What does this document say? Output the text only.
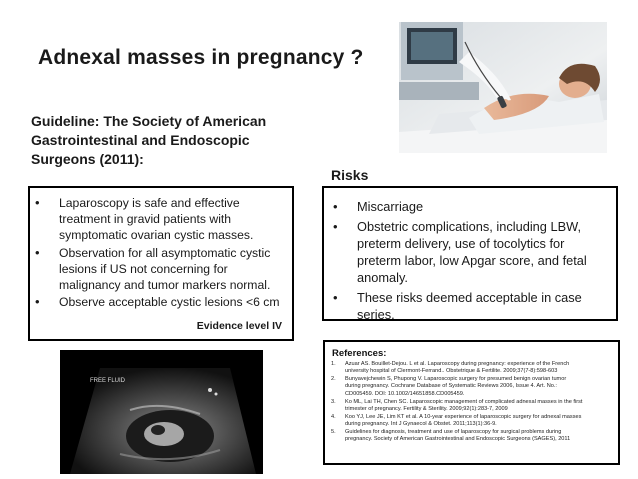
Adnexal masses in pregnancy ?
Guideline: The Society of American
Gastrointestinal and Endoscopic
Surgeons (2011):
• Laparoscopy is safe and effective
treatment in gravid patients with
symptomatic ovarian cystic masses.
• Observation for all asymptomatic cystic
lesions if US not concerning for
malignancy and tumor markers normal.
• Observe acceptable cystic lesions <6 cm
Evidence level IV
Risks
• Miscarriage
• Obstetric complications, including LBW,
preterm delivery, use of tocolytics for
preterm labor, low Apgar score, and fetal
anomaly.
• These risks deemed acceptable in case series.
FREE FLUID
References:
1. Azuar AS. Bouillet-Dejou. L et al. Laparoscopy during pregnancy: experience of the French
university hospital of Clermont-Ferrand.. Obstetrique & Fertilite. 2009;37(7-8):598-603
2. Bunyavejchewin S, Phupong V. Laparoscopic surgery for presumed benign ovarian tumor
during pregnancy. Cochrane Database of Systematic Reviews 2006, Issue 4. Art. No.:
CD005459. DOI: 10.1002/14651858.CD005459.
3. Ko ML, Lai TH, Chen SC. Laparoscopic management of complicated adnexal masses in the first
trimester of pregnancy. Fertility & Sterility. 2009;92(1):283-7, 2009
4. Koo YJ, Lee JE, Lim KT et al. A 10-year experience of laparoscopic surgery for adnexal masses
during pregnancy. Int J Gynaecol & Obstet. 2011;113(1):36-9.
5. Guidelines for diagnosis, treatment and use of laparoscopy for surgical problems during
pregnancy. Society of American Gastrointestinal and Endoscopic Surgeons (SAGES), 2011
